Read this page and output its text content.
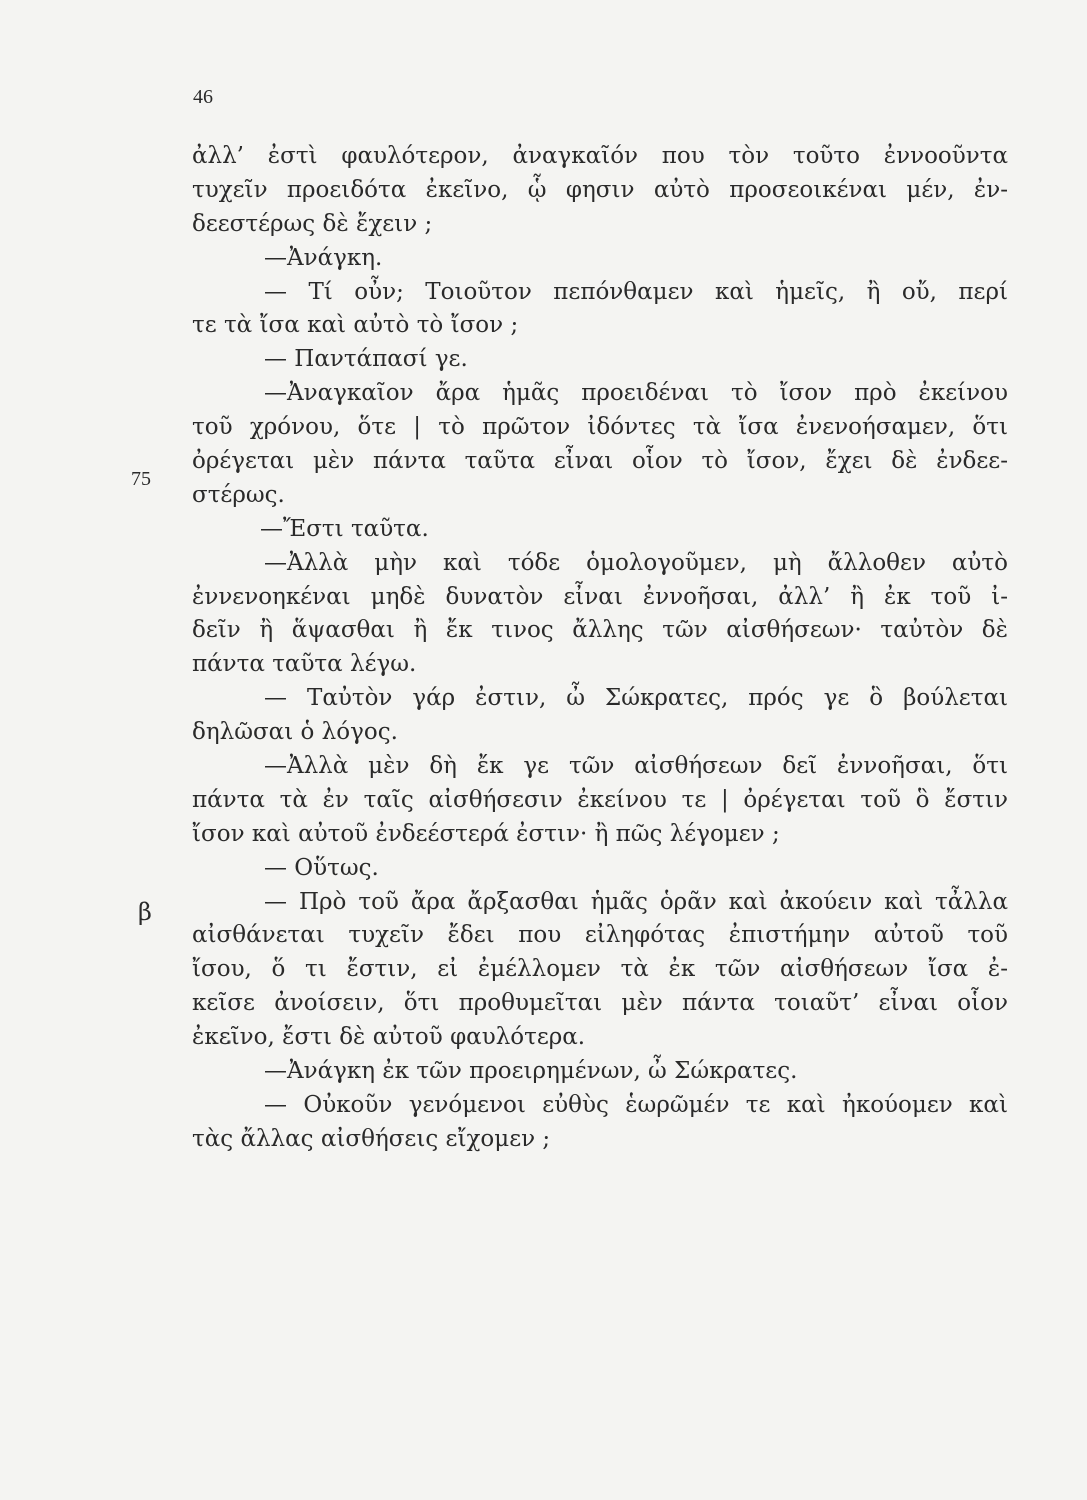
46
75
β
ἀλλ’ ἐστὶ φαυλότερον, ἀναγκαῖόν που τὸν τοῦτο ἐννοοῦντα
τυχεῖν προειδότα ἐκεῖνο, ᾧ φησιν αὐτὸ προσεοικέναι μέν, ἐν-
δεεστέρως δὲ ἔχειν ;
—Ἀνάγκη.
— Τί οὖν; Τοιοῦτον πεπόνθαμεν καὶ ἡμεῖς, ἢ οὔ, περί
τε τὰ ἴσα καὶ αὐτὸ τὸ ἴσον ;
— Παντάπασί γε.
—Ἀναγκαῖον ἄρα ἡμᾶς προειδέναι τὸ ἴσον πρὸ ἐκείνου
τοῦ χρόνου, ὅτε | τὸ πρῶτον ἰδόντες τὰ ἴσα ἐνενοήσαμεν, ὅτι
ὀρέγεται μὲν πάντα ταῦτα εἶναι οἷον τὸ ἴσον, ἔχει δὲ ἐνδεε-
στέρως.
—Ἔστι ταῦτα.
—Ἀλλὰ μὴν καὶ τόδε ὁμολογοῦμεν, μὴ ἄλλοθεν αὐτὸ
ἐννενοηκέναι μηδὲ δυνατὸν εἶναι ἐννοῆσαι, ἀλλ’ ἢ ἐκ τοῦ ἰ-
δεῖν ἢ ἅψασθαι ἢ ἔκ τινος ἄλλης τῶν αἰσθήσεων· ταὐτὸν δὲ
πάντα ταῦτα λέγω.
— Ταὐτὸν γάρ ἐστιν, ὦ Σώκρατες, πρός γε ὃ βούλεται
δηλῶσαι ὁ λόγος.
—Ἀλλὰ μὲν δὴ ἔκ γε τῶν αἰσθήσεων δεῖ ἐννοῆσαι, ὅτι
πάντα τὰ ἐν ταῖς αἰσθήσεσιν ἐκείνου τε | ὀρέγεται τοῦ ὃ ἔστιν
ἴσον καὶ αὐτοῦ ἐνδεέστερά ἐστιν· ἢ πῶς λέγομεν ;
— Οὕτως.
— Πρὸ τοῦ ἄρα ἄρξασθαι ἡμᾶς ὁρᾶν καὶ ἀκούειν καὶ τἆλλα
αἰσθάνεται τυχεῖν ἔδει που εἰληφότας ἐπιστήμην αὐτοῦ τοῦ
ἴσου, ὅ τι ἔστιν, εἰ ἐμέλλομεν τὰ ἐκ τῶν αἰσθήσεων ἴσα ἐ-
κεῖσε ἀνοίσειν, ὅτι προθυμεῖται μὲν πάντα τοιαῦτ’ εἶναι οἷον
ἐκεῖνο, ἔστι δὲ αὐτοῦ φαυλότερα.
—Ἀνάγκη ἐκ τῶν προειρημένων, ὦ Σώκρατες.
— Οὐκοῦν γενόμενοι εὐθὺς ἑωρῶμέν τε καὶ ἠκούομεν καὶ
τὰς ἄλλας αἰσθήσεις εἴχομεν ;
